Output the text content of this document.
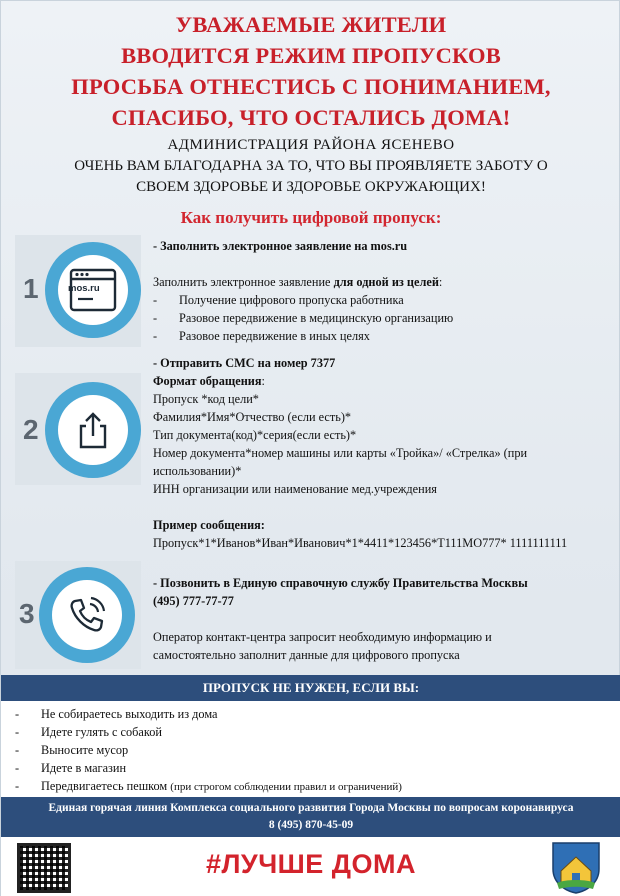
УВАЖАЕМЫЕ ЖИТЕЛИ
ВВОДИТСЯ РЕЖИМ ПРОПУСКОВ
ПРОСЬБА ОТНЕСТИСЬ С ПОНИМАНИЕМ,
СПАСИБО, ЧТО ОСТАЛИСЬ ДОМА!
АДМИНИСТРАЦИЯ РАЙОНА ЯСЕНЕВО
ОЧЕНЬ ВАМ БЛАГОДАРНА ЗА ТО, ЧТО ВЫ ПРОЯВЛЯЕТЕ ЗАБОТУ О
СВОЕМ ЗДОРОВЬЕ И ЗДОРОВЬЕ ОКРУЖАЮЩИХ!
Как получить цифровой пропуск:
1	mos.ru
- Заполнить электронное заявление на mos.ru
Заполнить электронное заявление для одной из целей:
- Получение цифрового пропуска работника
- Разовое передвижение в медицинскую организацию
- Разовое передвижение в иных целях
2
- Отправить СМС на номер 7377
Формат обращения:
Пропуск *код цели*
Фамилия*Имя*Отчество (если есть)*
Тип документа(код)*серия(если есть)*
Номер документа*номер машины или карты «Тройка»/ «Стрелка» (при использовании)*
ИНН организации или наименование мед.учреждения
Пример сообщения:
Пропуск*1*Иванов*Иван*Иванович*1*4411*123456*Т111МО777* 1111111111
3
- Позвонить в Единую справочную службу Правительства Москвы
(495) 777-77-77
Оператор контакт-центра запросит необходимую информацию и самостоятельно заполнит данные для цифрового пропуска
ПРОПУСК НЕ НУЖЕН, ЕСЛИ ВЫ:
- Не собираетесь выходить из дома
- Идете гулять с собакой
- Выносите мусор
- Идете в магазин
- Передвигаетесь пешком (при строгом соблюдении правил и ограничений)
Единая горячая линия Комплекса социального развития Города Москвы по вопросам коронавируса
8 (495) 870-45-09
#ЛУЧШЕ ДОМА
